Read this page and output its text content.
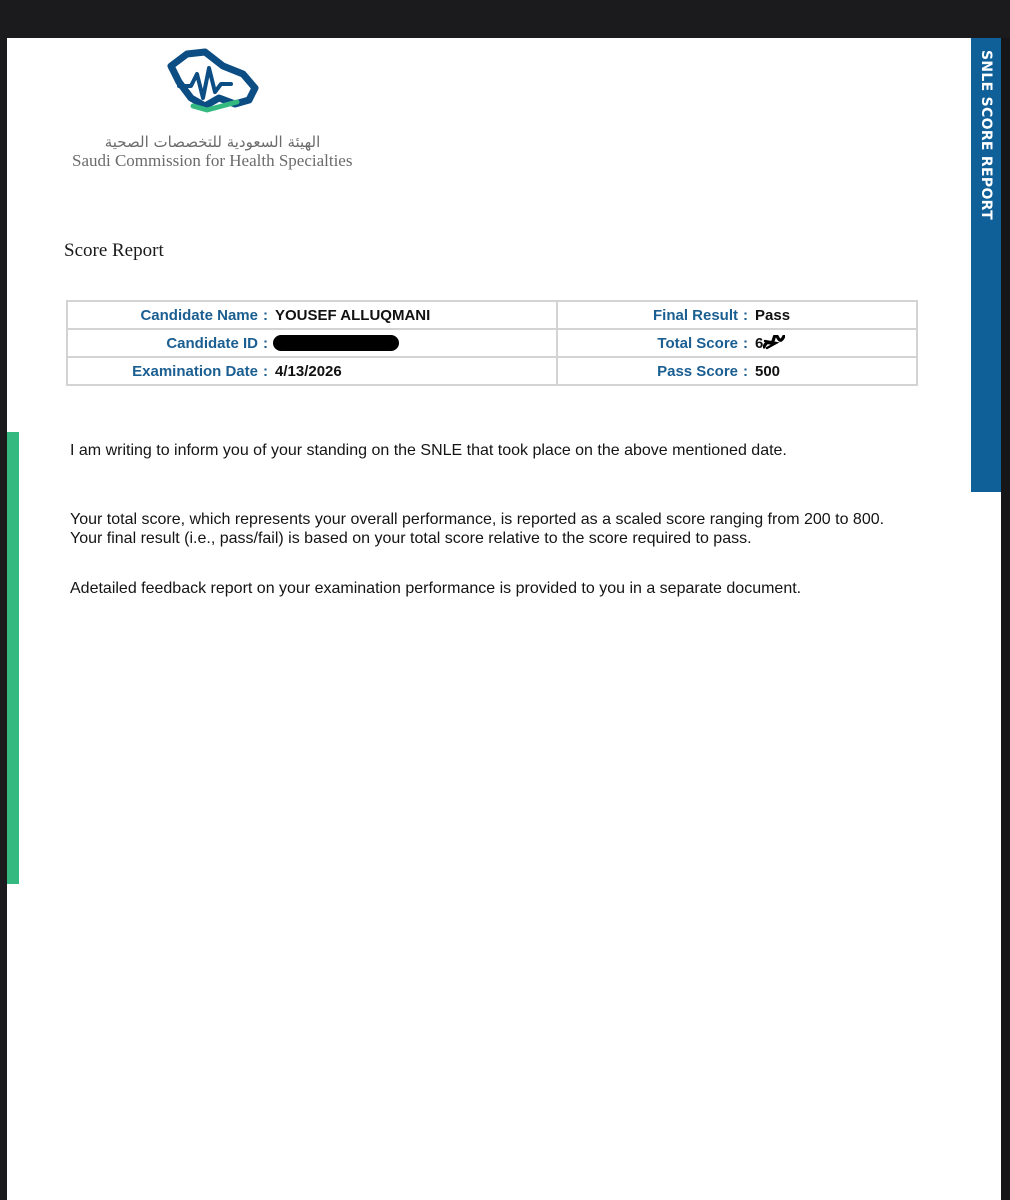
SNLE SCORE REPORT
الهيئة السعودية للتخصصات الصحية
Saudi Commission for Health Specialties
Score Report
Candidate Name : YOUSEF ALLUQMANI	Final Result : Pass
Candidate ID :	Total Score : 6
Examination Date : 4/13/2026	Pass Score : 500
I am writing to inform you of your standing on the SNLE that took place on the above mentioned date.
Your total score, which represents your overall performance, is reported as a scaled score ranging from 200 to 800. Your final result (i.e., pass/fail) is based on your total score relative to the score required to pass.
Adetailed feedback report on your examination performance is provided to you in a separate document.
